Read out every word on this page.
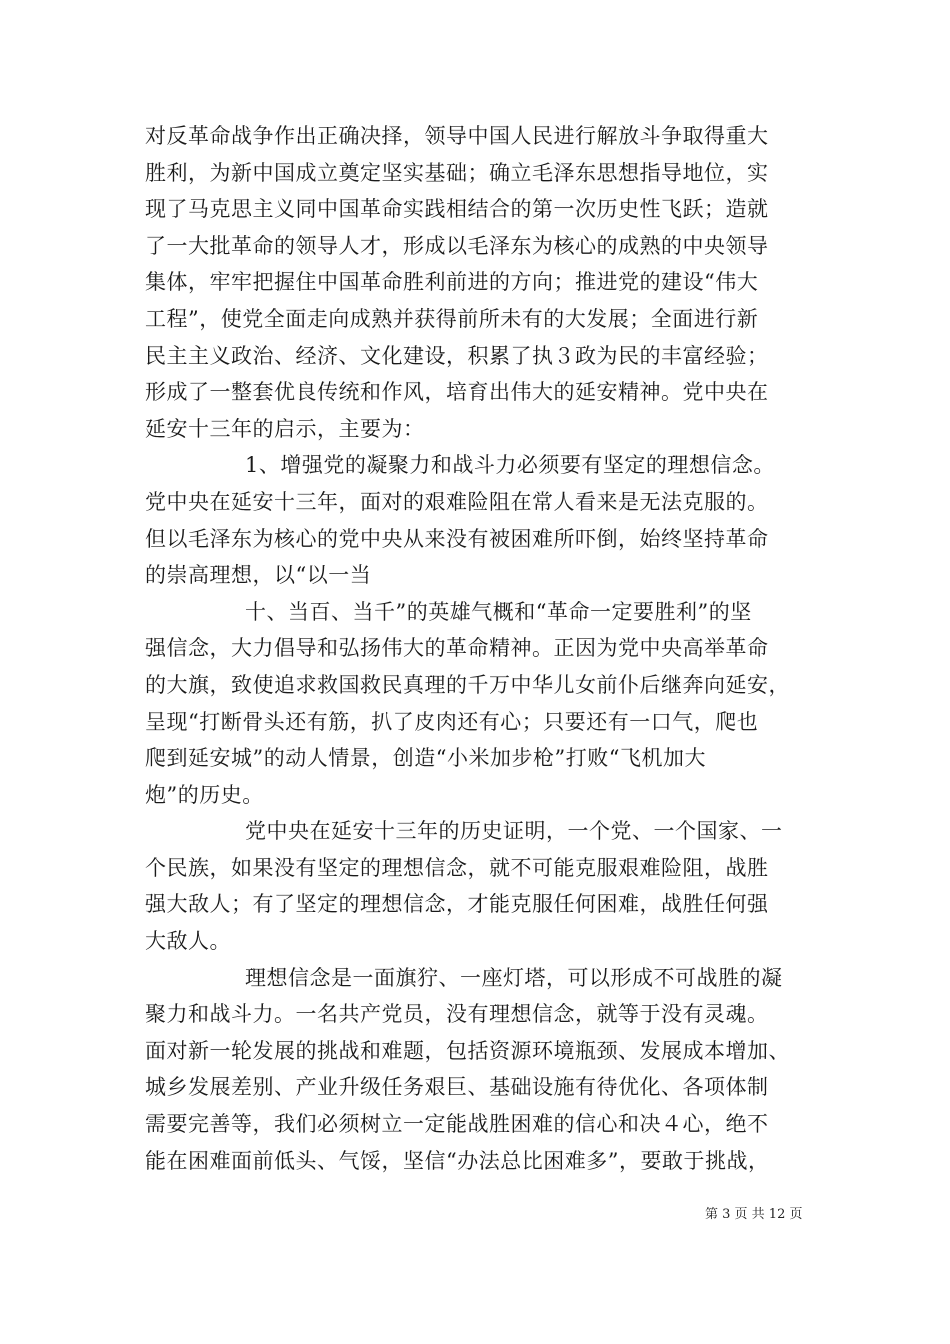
对反革命战争作出正确决择，领导中国人民进行解放斗争取得重大
胜利，为新中国成立奠定坚实基础；确立毛泽东思想指导地位，实
现了马克思主义同中国革命实践相结合的第一次历史性飞跃；造就
了一大批革命的领导人才，形成以毛泽东为核心的成熟的中央领导
集体，牢牢把握住中国革命胜利前进的方向；推进党的建设“伟大
工程”，使党全面走向成熟并获得前所未有的大发展；全面进行新
民主主义政治、经济、文化建设，积累了执３政为民的丰富经验；
形成了一整套优良传统和作风，培育出伟大的延安精神。党中央在
延安十三年的启示，主要为：
1、增强党的凝聚力和战斗力必须要有坚定的理想信念。
党中央在延安十三年，面对的艰难险阻在常人看来是无法克服的。
但以毛泽东为核心的党中央从来没有被困难所吓倒，始终坚持革命
的崇高理想，以“以一当
十、当百、当千”的英雄气概和“革命一定要胜利”的坚
强信念，大力倡导和弘扬伟大的革命精神。正因为党中央高举革命
的大旗，致使追求救国救民真理的千万中华儿女前仆后继奔向延安，
呈现“打断骨头还有筋，扒了皮肉还有心；只要还有一口气，爬也
爬到延安城”的动人情景，创造“小米加步枪”打败“飞机加大
炮”的历史。
党中央在延安十三年的历史证明，一个党、一个国家、一
个民族，如果没有坚定的理想信念，就不可能克服艰难险阻，战胜
强大敌人；有了坚定的理想信念，才能克服任何困难，战胜任何强
大敌人。
理想信念是一面旗狞、一座灯塔，可以形成不可战胜的凝
聚力和战斗力。一名共产党员，没有理想信念，就等于没有灵魂。
面对新一轮发展的挑战和难题，包括资源环境瓶颈、发展成本增加、
城乡发展差别、产业升级任务艰巨、基础设施有待优化、各项体制
需要完善等，我们必须树立一定能战胜困难的信心和决４心，绝不
能在困难面前低头、气馁，坚信“办法总比困难多”，要敢于挑战，
第 3 页 共 12 页
